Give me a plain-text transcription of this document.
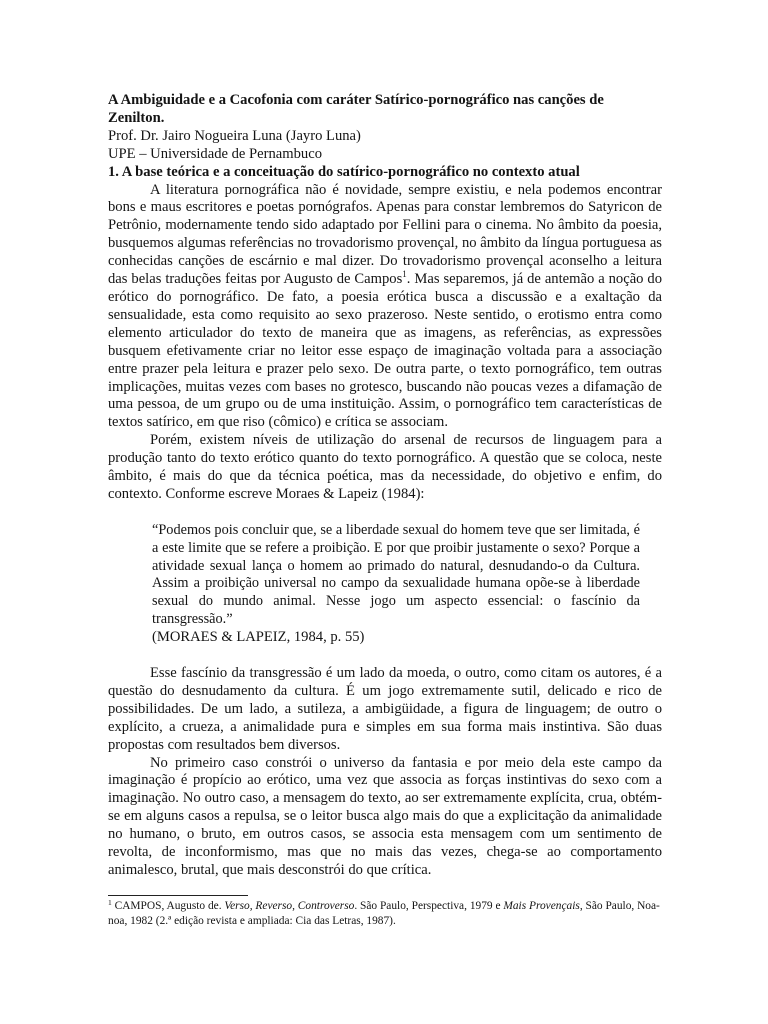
A Ambiguidade e a Cacofonia com caráter Satírico-pornográfico nas canções de Zenilton.

Prof. Dr. Jairo Nogueira Luna (Jayro Luna)

UPE – Universidade de Pernambuco

1. A base teórica e a conceituação do satírico-pornográfico no contexto atual

A literatura pornográfica não é novidade, sempre existiu, e nela podemos encontrar bons e maus escritores e poetas pornógrafos. Apenas para constar lembremos do Satyricon de Petrônio, modernamente tendo sido adaptado por Fellini para o cinema. No âmbito da poesia, busquemos algumas referências no trovadorismo provençal, no âmbito da língua portuguesa as conhecidas canções de escárnio e mal dizer. Do trovadorismo provençal aconselho a leitura das belas traduções feitas por Augusto de Campos$^1$. Mas separemos, já de antemão a noção do erótico do pornográfico. De fato, a poesia erótica busca a discussão e a exaltação da sensualidade, esta como requisito ao sexo prazeroso. Neste sentido, o erotismo entra como elemento articulador do texto de maneira que as imagens, as referências, as expressões busquem efetivamente criar no leitor esse espaço de imaginação voltada para a associação entre prazer pela leitura e prazer pelo sexo. De outra parte, o texto pornográfico, tem outras implicações, muitas vezes com bases no grotesco, buscando não poucas vezes a difamação de uma pessoa, de um grupo ou de uma instituição. Assim, o pornográfico tem características de textos satírico, em que riso (cômico) e crítica se associam.

Porém, existem níveis de utilização do arsenal de recursos de linguagem para a produção tanto do texto erótico quanto do texto pornográfico. A questão que se coloca, neste âmbito, é mais do que da técnica poética, mas da necessidade, do objetivo e enfim, do contexto. Conforme escreve Moraes & Lapeiz (1984):

“Podemos pois concluir que, se a liberdade sexual do homem teve que ser limitada, é a este limite que se refere a proibição. E por que proibir justamente o sexo? Porque a atividade sexual lança o homem ao primado do natural, desnudando-o da Cultura. Assim a proibição universal no campo da sexualidade humana opõe-se à liberdade sexual do mundo animal. Nesse jogo um aspecto essencial: o fascínio da transgressão.”

(MORAES & LAPEIZ, 1984, p. 55)

Esse fascínio da transgressão é um lado da moeda, o outro, como citam os autores, é a questão do desnudamento da cultura. É um jogo extremamente sutil, delicado e rico de possibilidades. De um lado, a sutileza, a ambigüidade, a figura de linguagem; de outro o explícito, a crueza, a animalidade pura e simples em sua forma mais instintiva. São duas propostas com resultados bem diversos.

No primeiro caso constrói o universo da fantasia e por meio dela este campo da imaginação é propício ao erótico, uma vez que associa as forças instintivas do sexo com a imaginação. No outro caso, a mensagem do texto, ao ser extremamente explícita, crua, obtém-se em alguns casos a repulsa, se o leitor busca algo mais do que a explicitação da animalidade no humano, o bruto, em outros casos, se associa esta mensagem com um sentimento de revolta, de inconformismo, mas que no mais das vezes, chega-se ao comportamento animalesco, brutal, que mais desconstrói do que crítica.

$^1$ CAMPOS, Augusto de. Verso, Reverso, Controverso. São Paulo, Perspectiva, 1979 e Mais Provençais, São Paulo, Noa-noa, 1982 (2.ª edição revista e ampliada: Cia das Letras, 1987).
